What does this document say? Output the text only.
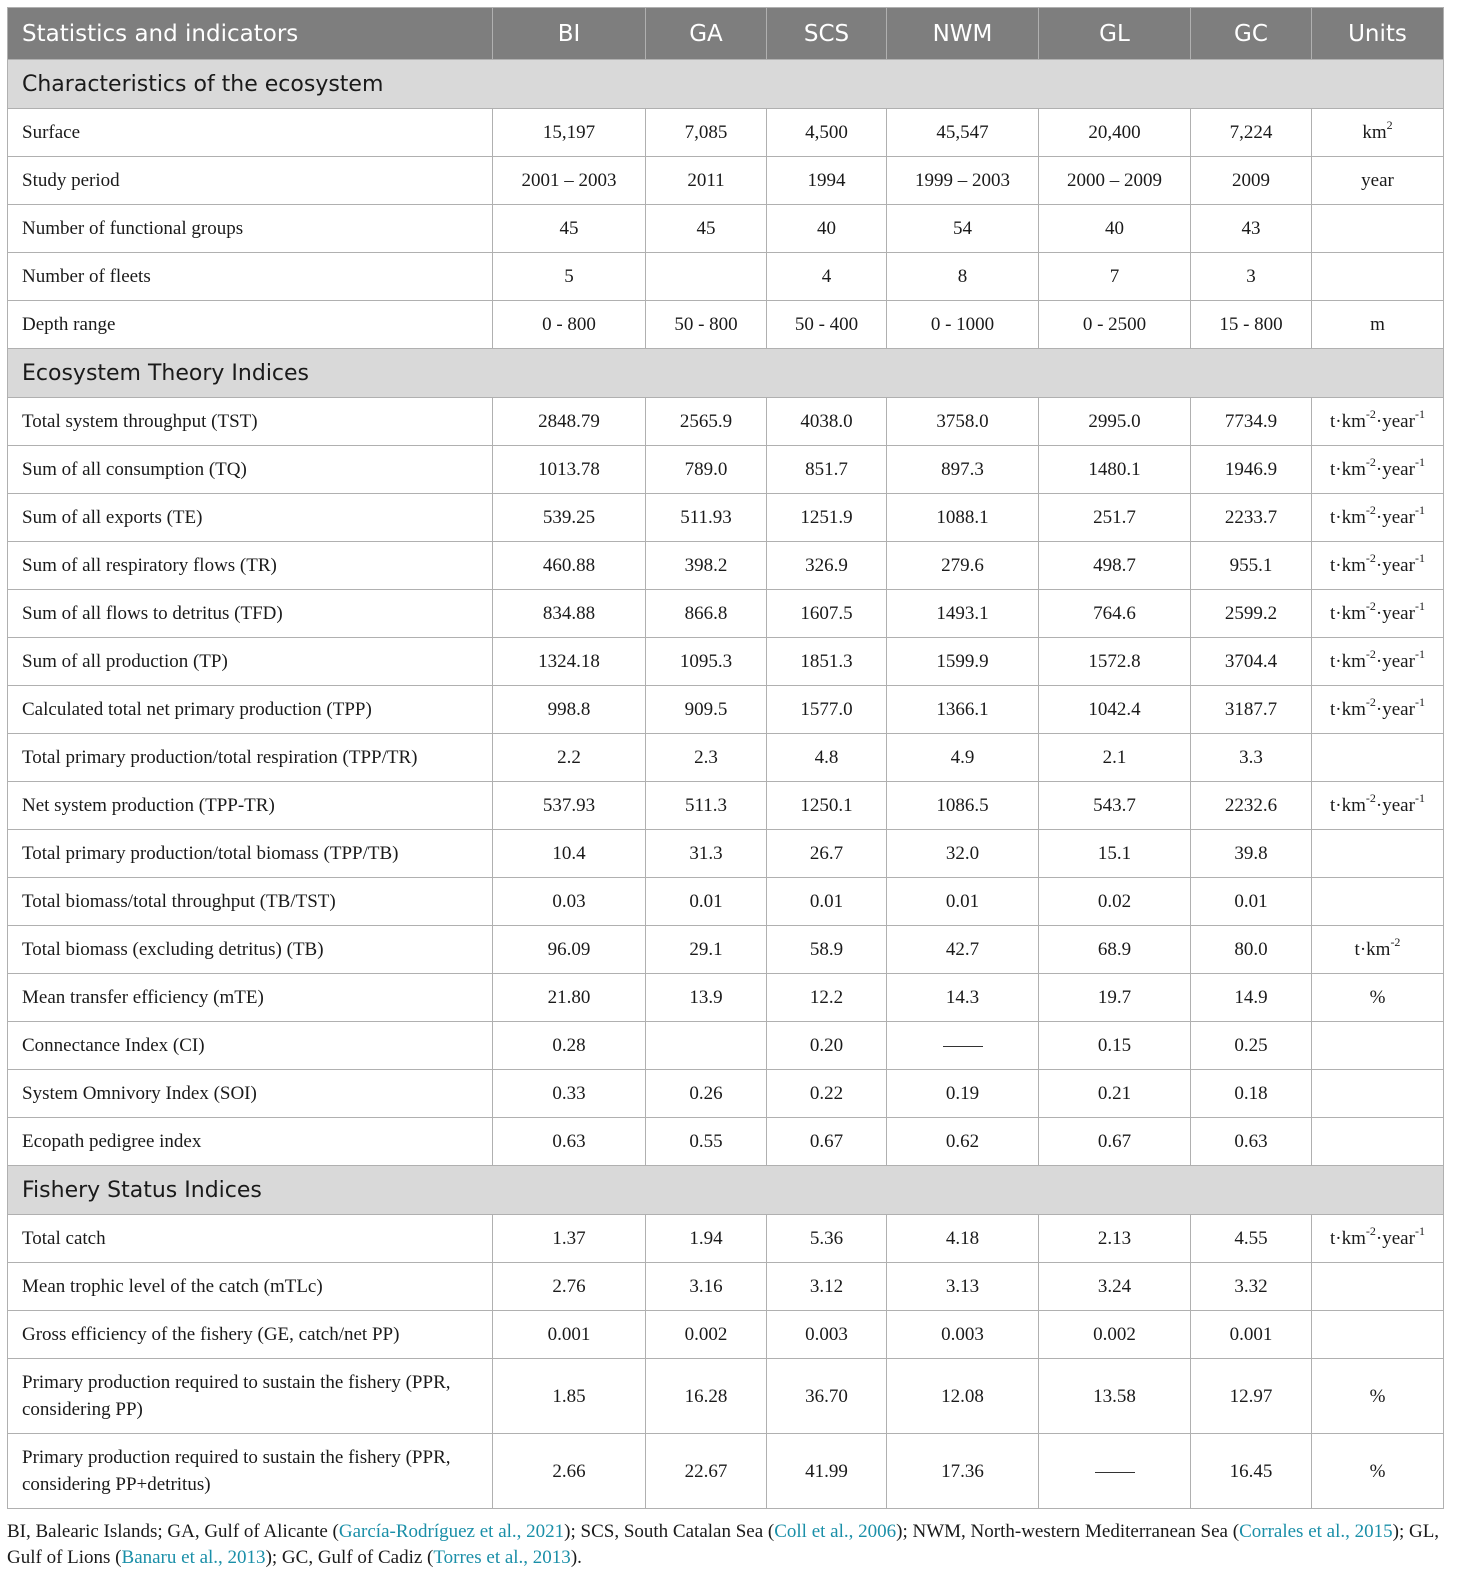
Statistics and indicators	BI	GA	SCS	NWM	GL	GC	Units
Characteristics of the ecosystem							
Surface	15,197	7,085	4,500	45,547	20,400	7,224	$km^2$
Study period	2001 – 2003	2011	1994	1999 – 2003	2000 – 2009	2009	year
Number of functional groups	45	45	40	54	40	43	
Number of fleets	5		4	8	7	3	
Depth range	0 - 800	50 - 800	50 - 400	0 - 1000	0 - 2500	15 - 800	m
Ecosystem Theory Indices							
Total system throughput (TST)	2848.79	2565.9	4038.0	3758.0	2995.0	7734.9	$t\cdot km^{-2}\cdot year^{-1}$
Sum of all consumption (TQ)	1013.78	789.0	851.7	897.3	1480.1	1946.9	$t\cdot km^{-2}\cdot year^{-1}$
Sum of all exports (TE)	539.25	511.93	1251.9	1088.1	251.7	2233.7	$t\cdot km^{-2}\cdot year^{-1}$
Sum of all respiratory flows (TR)	460.88	398.2	326.9	279.6	498.7	955.1	$t\cdot km^{-2}\cdot year^{-1}$
Sum of all flows to detritus (TFD)	834.88	866.8	1607.5	1493.1	764.6	2599.2	$t\cdot km^{-2}\cdot year^{-1}$
Sum of all production (TP)	1324.18	1095.3	1851.3	1599.9	1572.8	3704.4	$t\cdot km^{-2}\cdot year^{-1}$
Calculated total net primary production (TPP)	998.8	909.5	1577.0	1366.1	1042.4	3187.7	$t\cdot km^{-2}\cdot year^{-1}$
Total primary production/total respiration (TPP/TR)	2.2	2.3	4.8	4.9	2.1	3.3	
Net system production (TPP-TR)	537.93	511.3	1250.1	1086.5	543.7	2232.6	$t\cdot km^{-2}\cdot year^{-1}$
Total primary production/total biomass (TPP/TB)	10.4	31.3	26.7	32.0	15.1	39.8	
Total biomass/total throughput (TB/TST)	0.03	0.01	0.01	0.01	0.02	0.01	
Total biomass (excluding detritus) (TB)	96.09	29.1	58.9	42.7	68.9	80.0	$t\cdot km^{-2}$
Mean transfer efficiency (mTE)	21.80	13.9	12.2	14.3	19.7	14.9	%
Connectance Index (CI)	0.28		0.20		0.15	0.25	
System Omnivory Index (SOI)	0.33	0.26	0.22	0.19	0.21	0.18	
Ecopath pedigree index	0.63	0.55	0.67	0.62	0.67	0.63	
Fishery Status Indices							
Total catch	1.37	1.94	5.36	4.18	2.13	4.55	$t\cdot km^{-2}\cdot year^{-1}$
Mean trophic level of the catch (mTLc)	2.76	3.16	3.12	3.13	3.24	3.32	
Gross efficiency of the fishery (GE, catch/net PP)	0.001	0.002	0.003	0.003	0.002	0.001	
Primary production required to sustain the fishery (PPR, considering PP)	1.85	16.28	36.70	12.08	13.58	12.97	%
Primary production required to sustain the fishery (PPR, considering PP+detritus)	2.66	22.67	41.99	17.36		16.45	%
BI, Balearic Islands; GA, Gulf of Alicante (García-Rodríguez et al., 2021); SCS, South Catalan Sea (Coll et al., 2006); NWM, North-western Mediterranean Sea (Corrales et al., 2015); GL, Gulf of Lions (Banaru et al., 2013); GC, Gulf of Cadiz (Torres et al., 2013).
